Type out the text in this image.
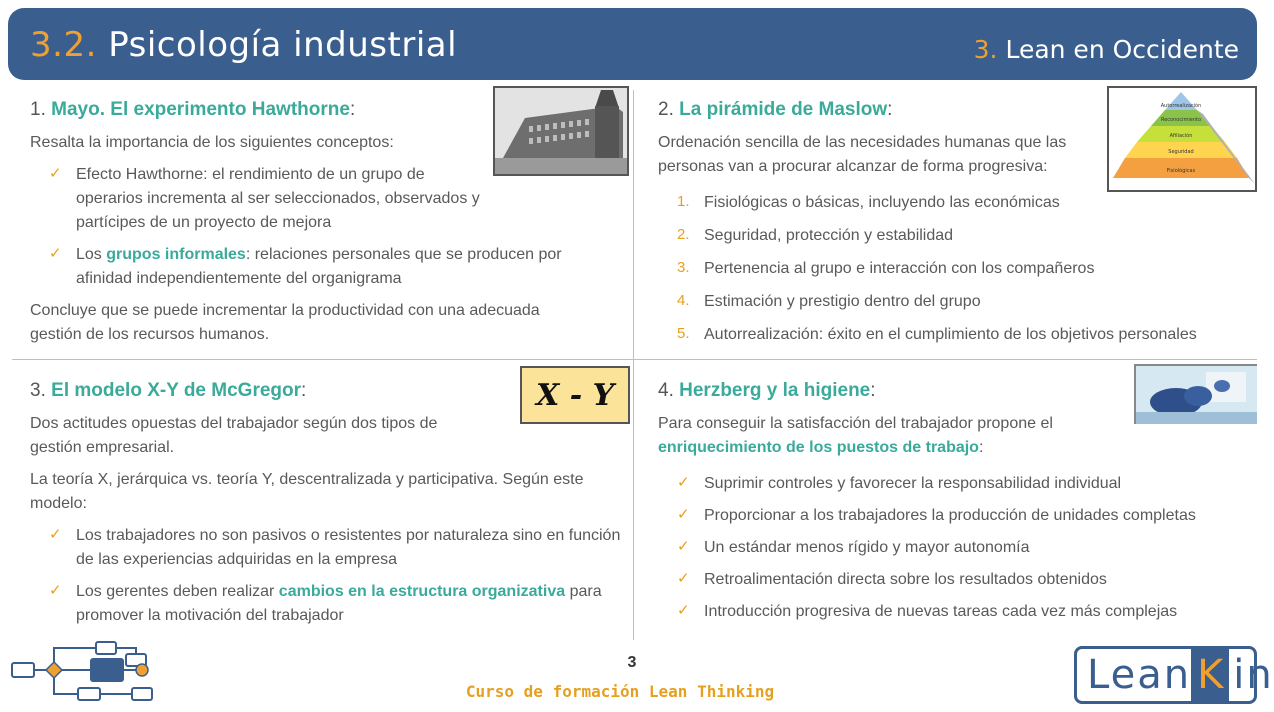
3.2. Psicología industrial	3. Lean en Occidente
1. Mayo. El experimento Hawthorne:

Resalta la importancia de los siguientes conceptos:

✓ Efecto Hawthorne: el rendimiento de un grupo de operarios incrementa al ser seleccionados, observados y partícipes de un proyecto de mejora
✓ Los grupos informales: relaciones personales que se producen por afinidad independientemente del organigrama

Concluye que se puede incrementar la productividad con una adecuada gestión de los recursos humanos.

2. La pirámide de Maslow:

Ordenación sencilla de las necesidades humanas que las personas van a procurar alcanzar de forma progresiva:

1. Fisiológicas o básicas, incluyendo las económicas
2. Seguridad, protección y estabilidad
3. Pertenencia al grupo e interacción con los compañeros
4. Estimación y prestigio dentro del grupo
5. Autorrealización: éxito en el cumplimiento de los objetivos personales
Autorrealización
Reconocimiento
Afiliación
Seguridad
Fisiológicas
3. El modelo X-Y de McGregor:

Dos actitudes opuestas del trabajador según dos tipos de gestión empresarial.

La teoría X, jerárquica vs. teoría Y, descentralizada y participativa. Según este modelo:

✓ Los trabajadores no son pasivos o resistentes por naturaleza sino en función de las experiencias adquiridas en la empresa
✓ Los gerentes deben realizar cambios en la estructura organizativa para promover la motivación del trabajador
X - Y 4. Herzberg y la higiene:

Para conseguir la satisfacción del trabajador propone el enriquecimiento de los puestos de trabajo:

✓ Suprimir controles y favorecer la responsabilidad individual
✓ Proporcionar a los trabajadores la producción de unidades completas
✓ Un estándar menos rígido y mayor autonomía
✓ Retroalimentación directa sobre los resultados obtenidos
✓ Introducción progresiva de nuevas tareas cada vez más complejas
3
Curso de formación Lean Thinking	Lean K in
